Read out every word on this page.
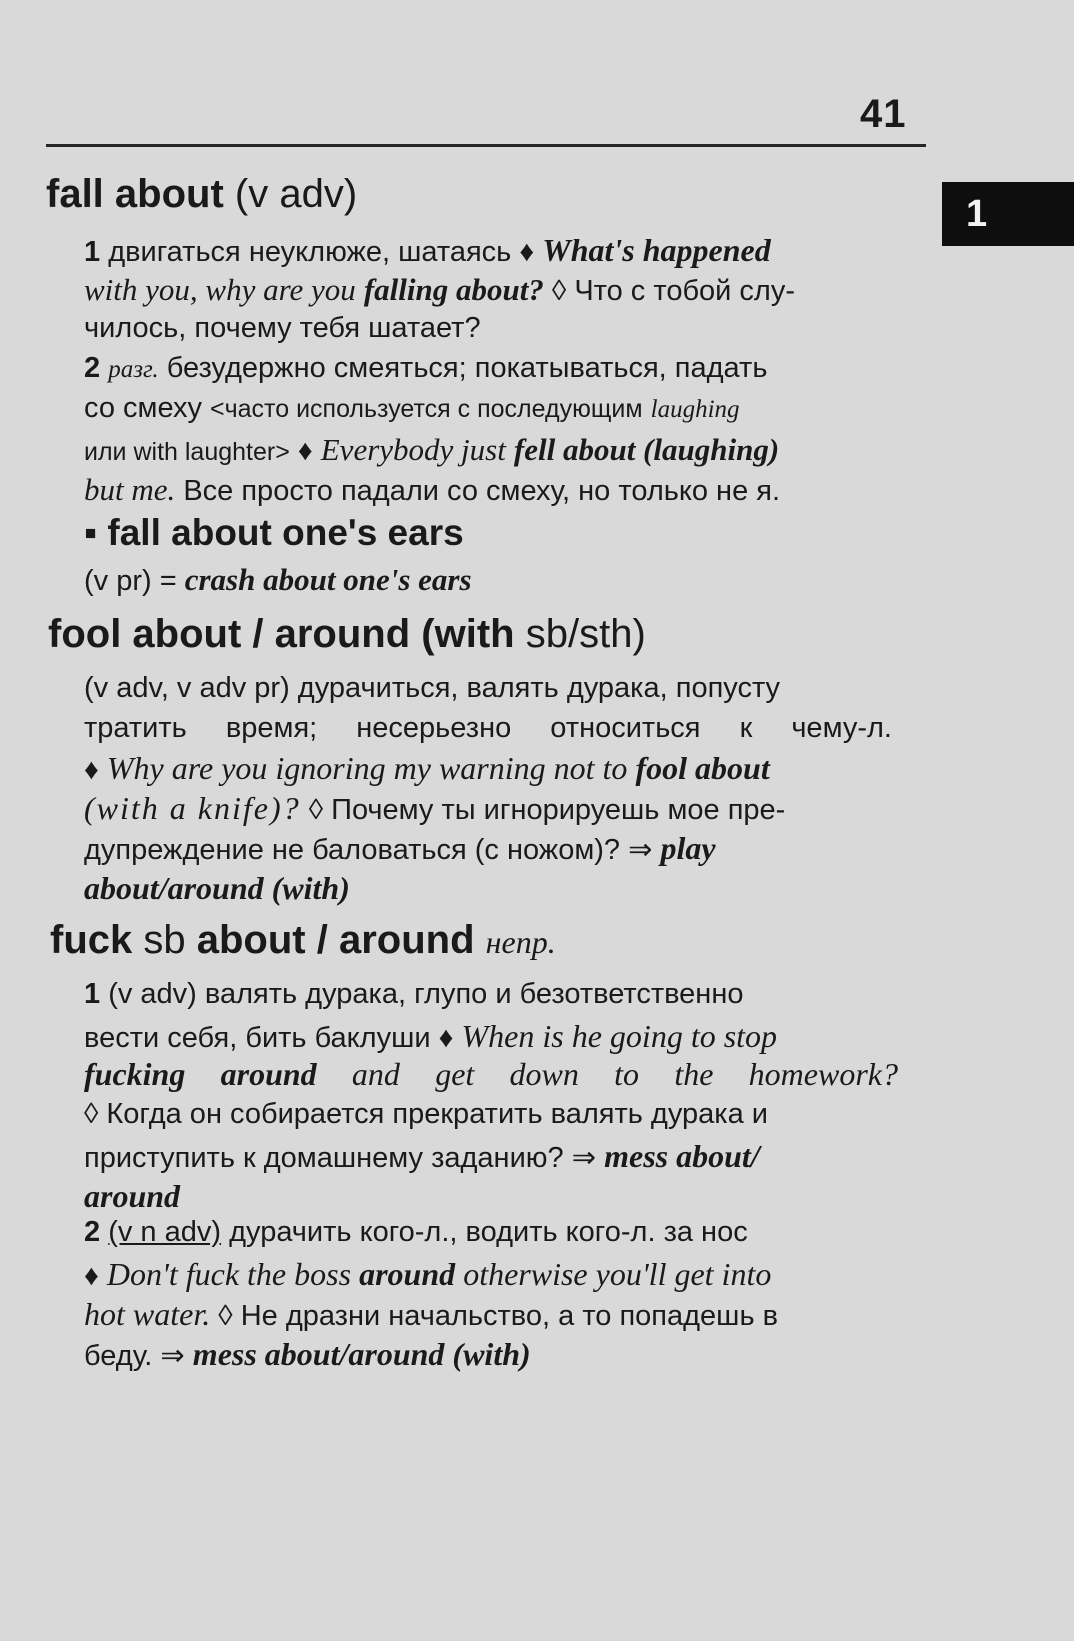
41
1
fall about (v adv)
1 двигаться неуклюже, шатаясь ♦ What's happened
with you, why are you falling about? ◊ Что с тобой слу-
чилось, почему тебя шатает?
2 разг. безудержно смеяться; покатываться, падать
со смеху <часто используется с последующим laughing
или with laughter> ♦ Everybody just fell about (laughing)
but me. Все просто падали со смеху, но только не я.
▪ fall about one's ears
(v pr) = crash about one's ears
fool about / around (with sb/sth)
(v adv, v adv pr) дурачиться, валять дурака, попусту
тратить время; несерьезно относиться к чему-л.
♦ Why are you ignoring my warning not to fool about
(with a knife)? ◊ Почему ты игнорируешь мое пре-
дупреждение не баловаться (с ножом)? ⇒ play
about/around (with)
fuck sb about / around непр.
1 (v adv) валять дурака, глупо и безответственно
вести себя, бить баклуши ♦ When is he going to stop
fucking around and get down to the homework?
◊ Когда он собирается прекратить валять дурака и
приступить к домашнему заданию? ⇒ mess about/
around
2 (v n adv) дурачить кого-л., водить кого-л. за нос
♦ Don't fuck the boss around otherwise you'll get into
hot water. ◊ Не дразни начальство, а то попадешь в
беду. ⇒ mess about/around (with)
